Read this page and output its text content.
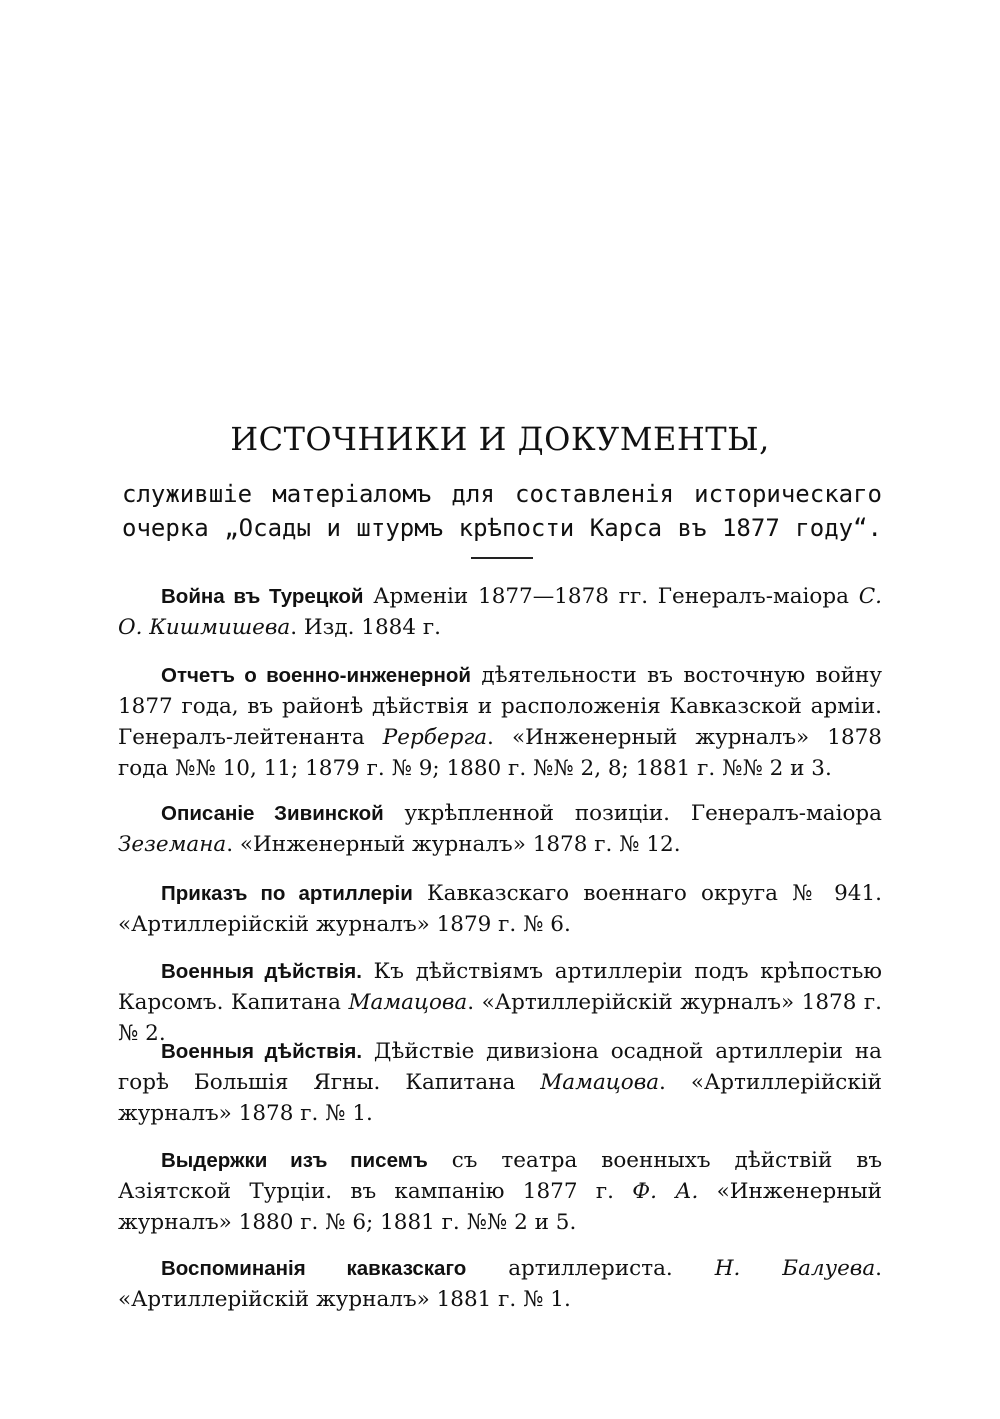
ИСТОЧНИКИ И ДОКУМЕНТЫ,
служившіе матеріаломъ для составленія историческаго
очерка „Осады и штурмъ крѣпости Карса въ 1877 году“.
Война въ Турецкой Арменіи 1877—1878 гг. Генералъ-маіора С. О. Кишмишева. Изд. 1884 г.
Отчетъ о военно-инженерной дѣятельности въ восточную войну 1877 года, въ районѣ дѣйствія и расположенія Кавказской арміи. Генералъ-лейтенанта Рербергa. «Инженерный журналъ» 1878 года №№ 10, 11; 1879 г. № 9; 1880 г. №№ 2, 8; 1881 г. №№ 2 и 3.
Описаніе Зивинской укрѣпленной позиціи. Генералъ-маіора Зеземана. «Инженерный журналъ» 1878 г. № 12.
Приказъ по артиллеріи Кавказскаго военнаго округа № 941. «Артиллерійскій журналъ» 1879 г. № 6.
Военныя дѣйствія. Къ дѣйствіямъ артиллеріи подъ крѣпостью Карсомъ. Капитана Мамацова. «Артиллерійскій журналъ» 1878 г. № 2.
Военныя дѣйствія. Дѣйствіе дивизіона осадной артиллеріи на горѣ Большія Ягны. Капитана Мамацова. «Артиллерійскій журналъ» 1878 г. № 1.
Выдержки изъ писемъ съ театра военныхъ дѣйствій въ Азіятской Турціи. въ кампанію 1877 г. Ф. А. «Инженерный журналъ» 1880 г. № 6; 1881 г. №№ 2 и 5.
Воспоминанія кавказскаго артиллериста. Н. Балуева. «Артиллерійскій журналъ» 1881 г. № 1.
